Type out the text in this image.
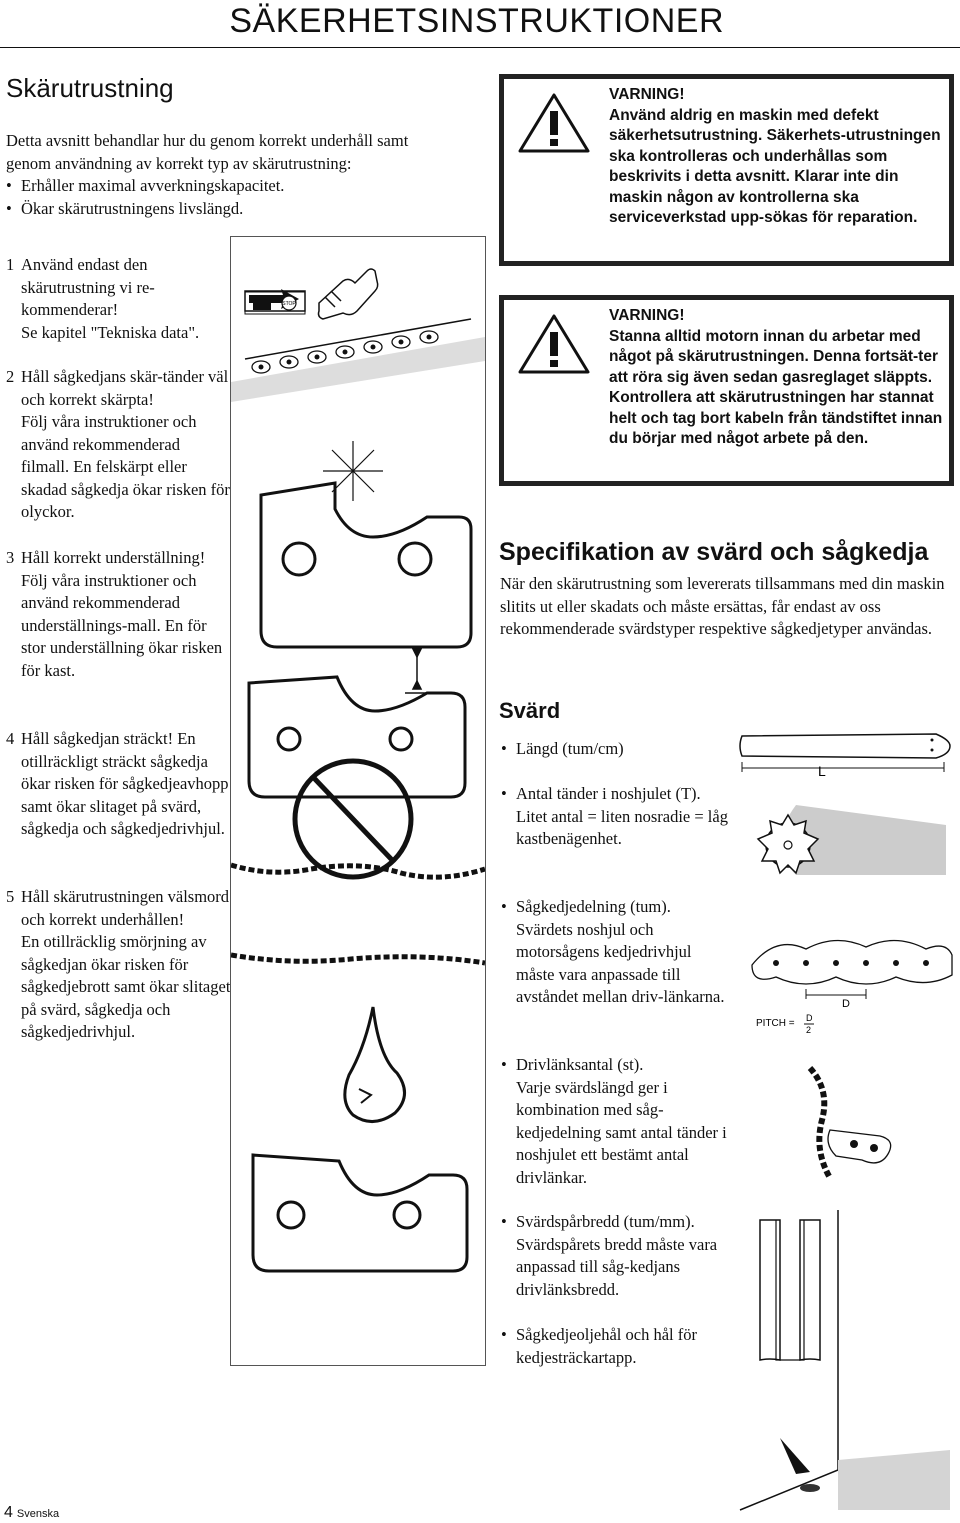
SÄKERHETSINSTRUKTIONER
Skärutrustning
Detta avsnitt behandlar hur du genom korrekt underhåll samt
genom användning av korrekt typ av skärutrustning:
• Erhåller maximal avverkningskapacitet.
• Ökar skärutrustningens livslängd.
1 Använd endast den skärutrustning vi re-kommenderar!
Se kapitel "Tekniska data".
2 Håll sågkedjans skär-tänder väl och korrekt skärpta!
Följ våra instruktioner och använd rekommenderad filmall. En felskärpt eller skadad sågkedja ökar risken för olyckor.
3 Håll korrekt underställning!
Följ våra instruktioner och använd rekommenderad underställnings-mall. En för stor underställning ökar risken för kast.
4 Håll sågkedjan sträckt! En otillräckligt sträckt sågkedja ökar risken för sågkedjeavhopp samt ökar slitaget på svärd, sågkedja och sågkedjedrivhjul.
5 Håll skärutrustningen välsmord och korrekt underhållen!
En otillräcklig smörjning av sågkedjan ökar risken för sågkedjebrott samt ökar slitaget på svärd, sågkedja och sågkedjedrivhjul.
STOP
VARNING!
Använd aldrig en maskin med defekt säkerhetsutrustning. Säkerhets-utrustningen ska kontrolleras och underhållas som beskrivits i detta avsnitt. Klarar inte din maskin någon av kontrollerna ska serviceverkstad upp-sökas för reparation.
VARNING!
Stanna alltid motorn innan du arbetar med något på skärutrustningen. Denna fortsät-ter att röra sig även sedan gasreglaget släppts. Kontrollera att skärutrustningen har stannat helt och tag bort kabeln från tändstiftet innan du börjar med något arbete på den.
Specifikation av svärd och sågkedja
När den skärutrustning som levererats tillsammans med din maskin slitits ut eller skadats och måste ersättas, får endast av oss rekommenderade svärdstyper respektive sågkedjetyper användas.
Svärd
• Längd (tum/cm)
• Antal tänder i noshjulet (T).
Litet antal = liten nosradie = låg kastbenägenhet.
• Sågkedjedelning (tum).
Svärdets noshjul och motorsågens kedjedrivhjul måste vara anpassade till avståndet mellan driv-länkarna.
• Drivlänksantal (st).
Varje svärdslängd ger i kombination med såg-kedjedelning samt antal tänder i noshjulet ett bestämt antal drivlänkar.
• Svärdspårbredd (tum/mm).
Svärdspårets bredd måste vara anpassad till såg-kedjans drivlänksbredd.
• Sågkedjeoljehål och hål för kedjesträckartapp.
L
D
PITCH = D
2
4 Svenska
